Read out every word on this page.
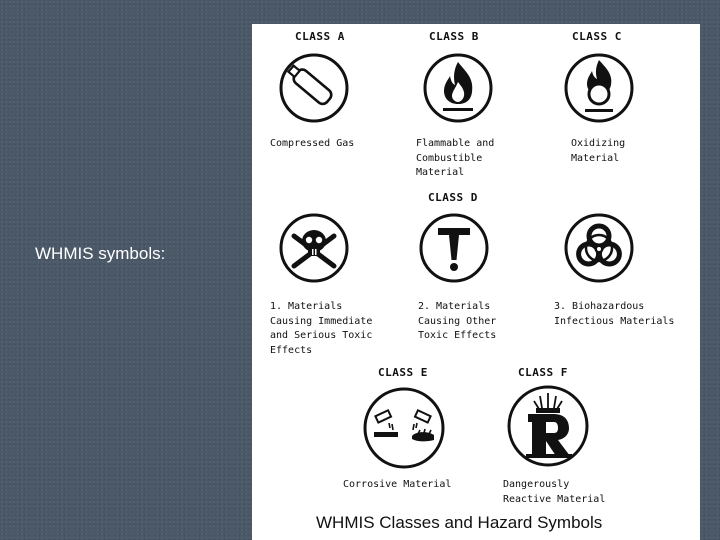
WHMIS symbols:
CLASS A
Compressed Gas
CLASS B
Flammable and
Combustible
Material
CLASS C
Oxidizing
Material
CLASS D
1. Materials
Causing Immediate
and Serious Toxic
Effects
2. Materials
Causing Other
Toxic Effects
3. Biohazardous
Infectious Materials
CLASS E
Corrosive Material
CLASS F
Dangerously
Reactive Material
WHMIS Classes and Hazard Symbols
